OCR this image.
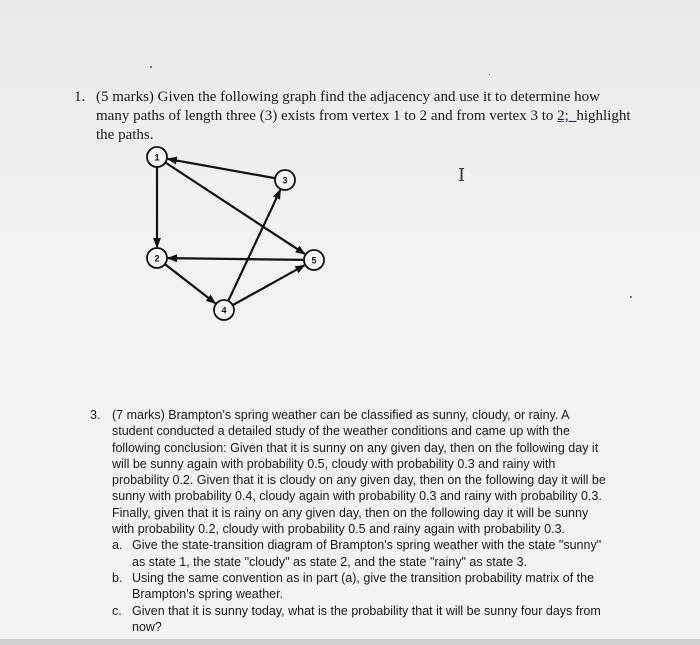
1. (5 marks) Given the following graph find the adjacency and use it to determine how many paths of length three (3) exists from vertex 1 to 2 and from vertex 3 to 2;_highlight the paths.
1
2
3
4
5
I
3. (7 marks) Brampton's spring weather can be classified as sunny, cloudy, or rainy. A student conducted a detailed study of the weather conditions and came up with the following conclusion: Given that it is sunny on any given day, then on the following day it will be sunny again with probability 0.5, cloudy with probability 0.3 and rainy with probability 0.2. Given that it is cloudy on any given day, then on the following day it will be sunny with probability 0.4, cloudy again with probability 0.3 and rainy with probability 0.3. Finally, given that it is rainy on any given day, then on the following day it will be sunny with probability 0.2, cloudy with probability 0.5 and rainy again with probability 0.3.
a. Give the state-transition diagram of Brampton's spring weather with the state "sunny" as state 1, the state "cloudy" as state 2, and the state "rainy" as state 3.
b. Using the same convention as in part (a), give the transition probability matrix of the Brampton's spring weather.
c. Given that it is sunny today, what is the probability that it will be sunny four days from now?
